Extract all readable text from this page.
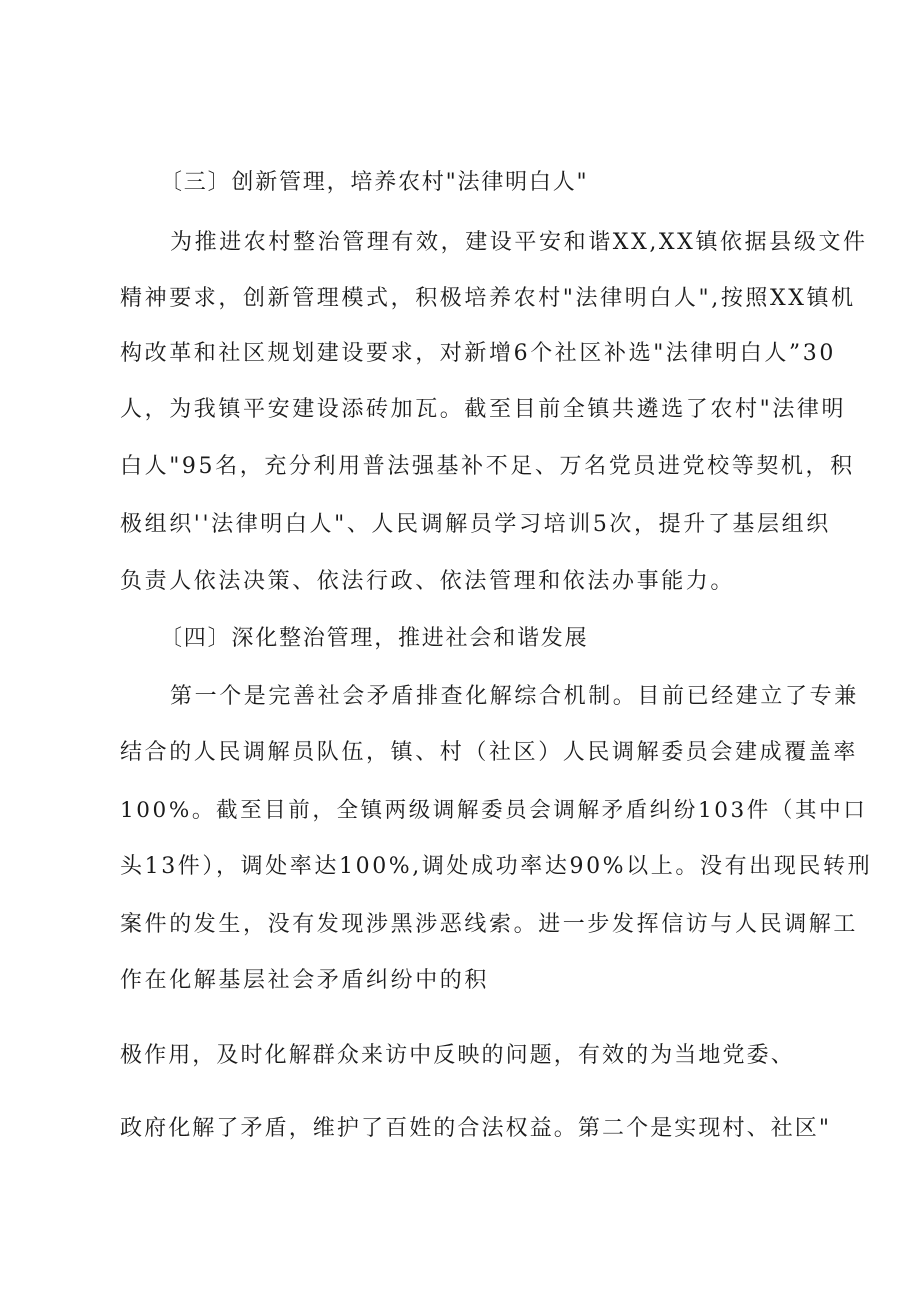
〔三〕创新管理，培养农村"法律明白人"
为推进农村整治管理有效，建设平安和谐XX,XX镇依据县级文件
精神要求，创新管理模式，积极培养农村"法律明白人",按照XX镇机
构改革和社区规划建设要求，对新增6个社区补选"法律明白人”30
人，为我镇平安建设添砖加瓦。截至目前全镇共遴选了农村"法律明
白人"95名，充分利用普法强基补不足、万名党员进党校等契机，积
极组织''法律明白人"、人民调解员学习培训5次，提升了基层组织
负责人依法决策、依法行政、依法管理和依法办事能力。
〔四〕深化整治管理，推进社会和谐发展
第一个是完善社会矛盾排查化解综合机制。目前已经建立了专兼
结合的人民调解员队伍，镇、村（社区）人民调解委员会建成覆盖率
100%。截至目前，全镇两级调解委员会调解矛盾纠纷103件（其中口
头13件），调处率达100%,调处成功率达90%以上。没有出现民转刑
案件的发生，没有发现涉黑涉恶线索。进一步发挥信访与人民调解工
作在化解基层社会矛盾纠纷中的积
极作用，及时化解群众来访中反映的问题，有效的为当地党委、
政府化解了矛盾，维护了百姓的合法权益。第二个是实现村、社区"
